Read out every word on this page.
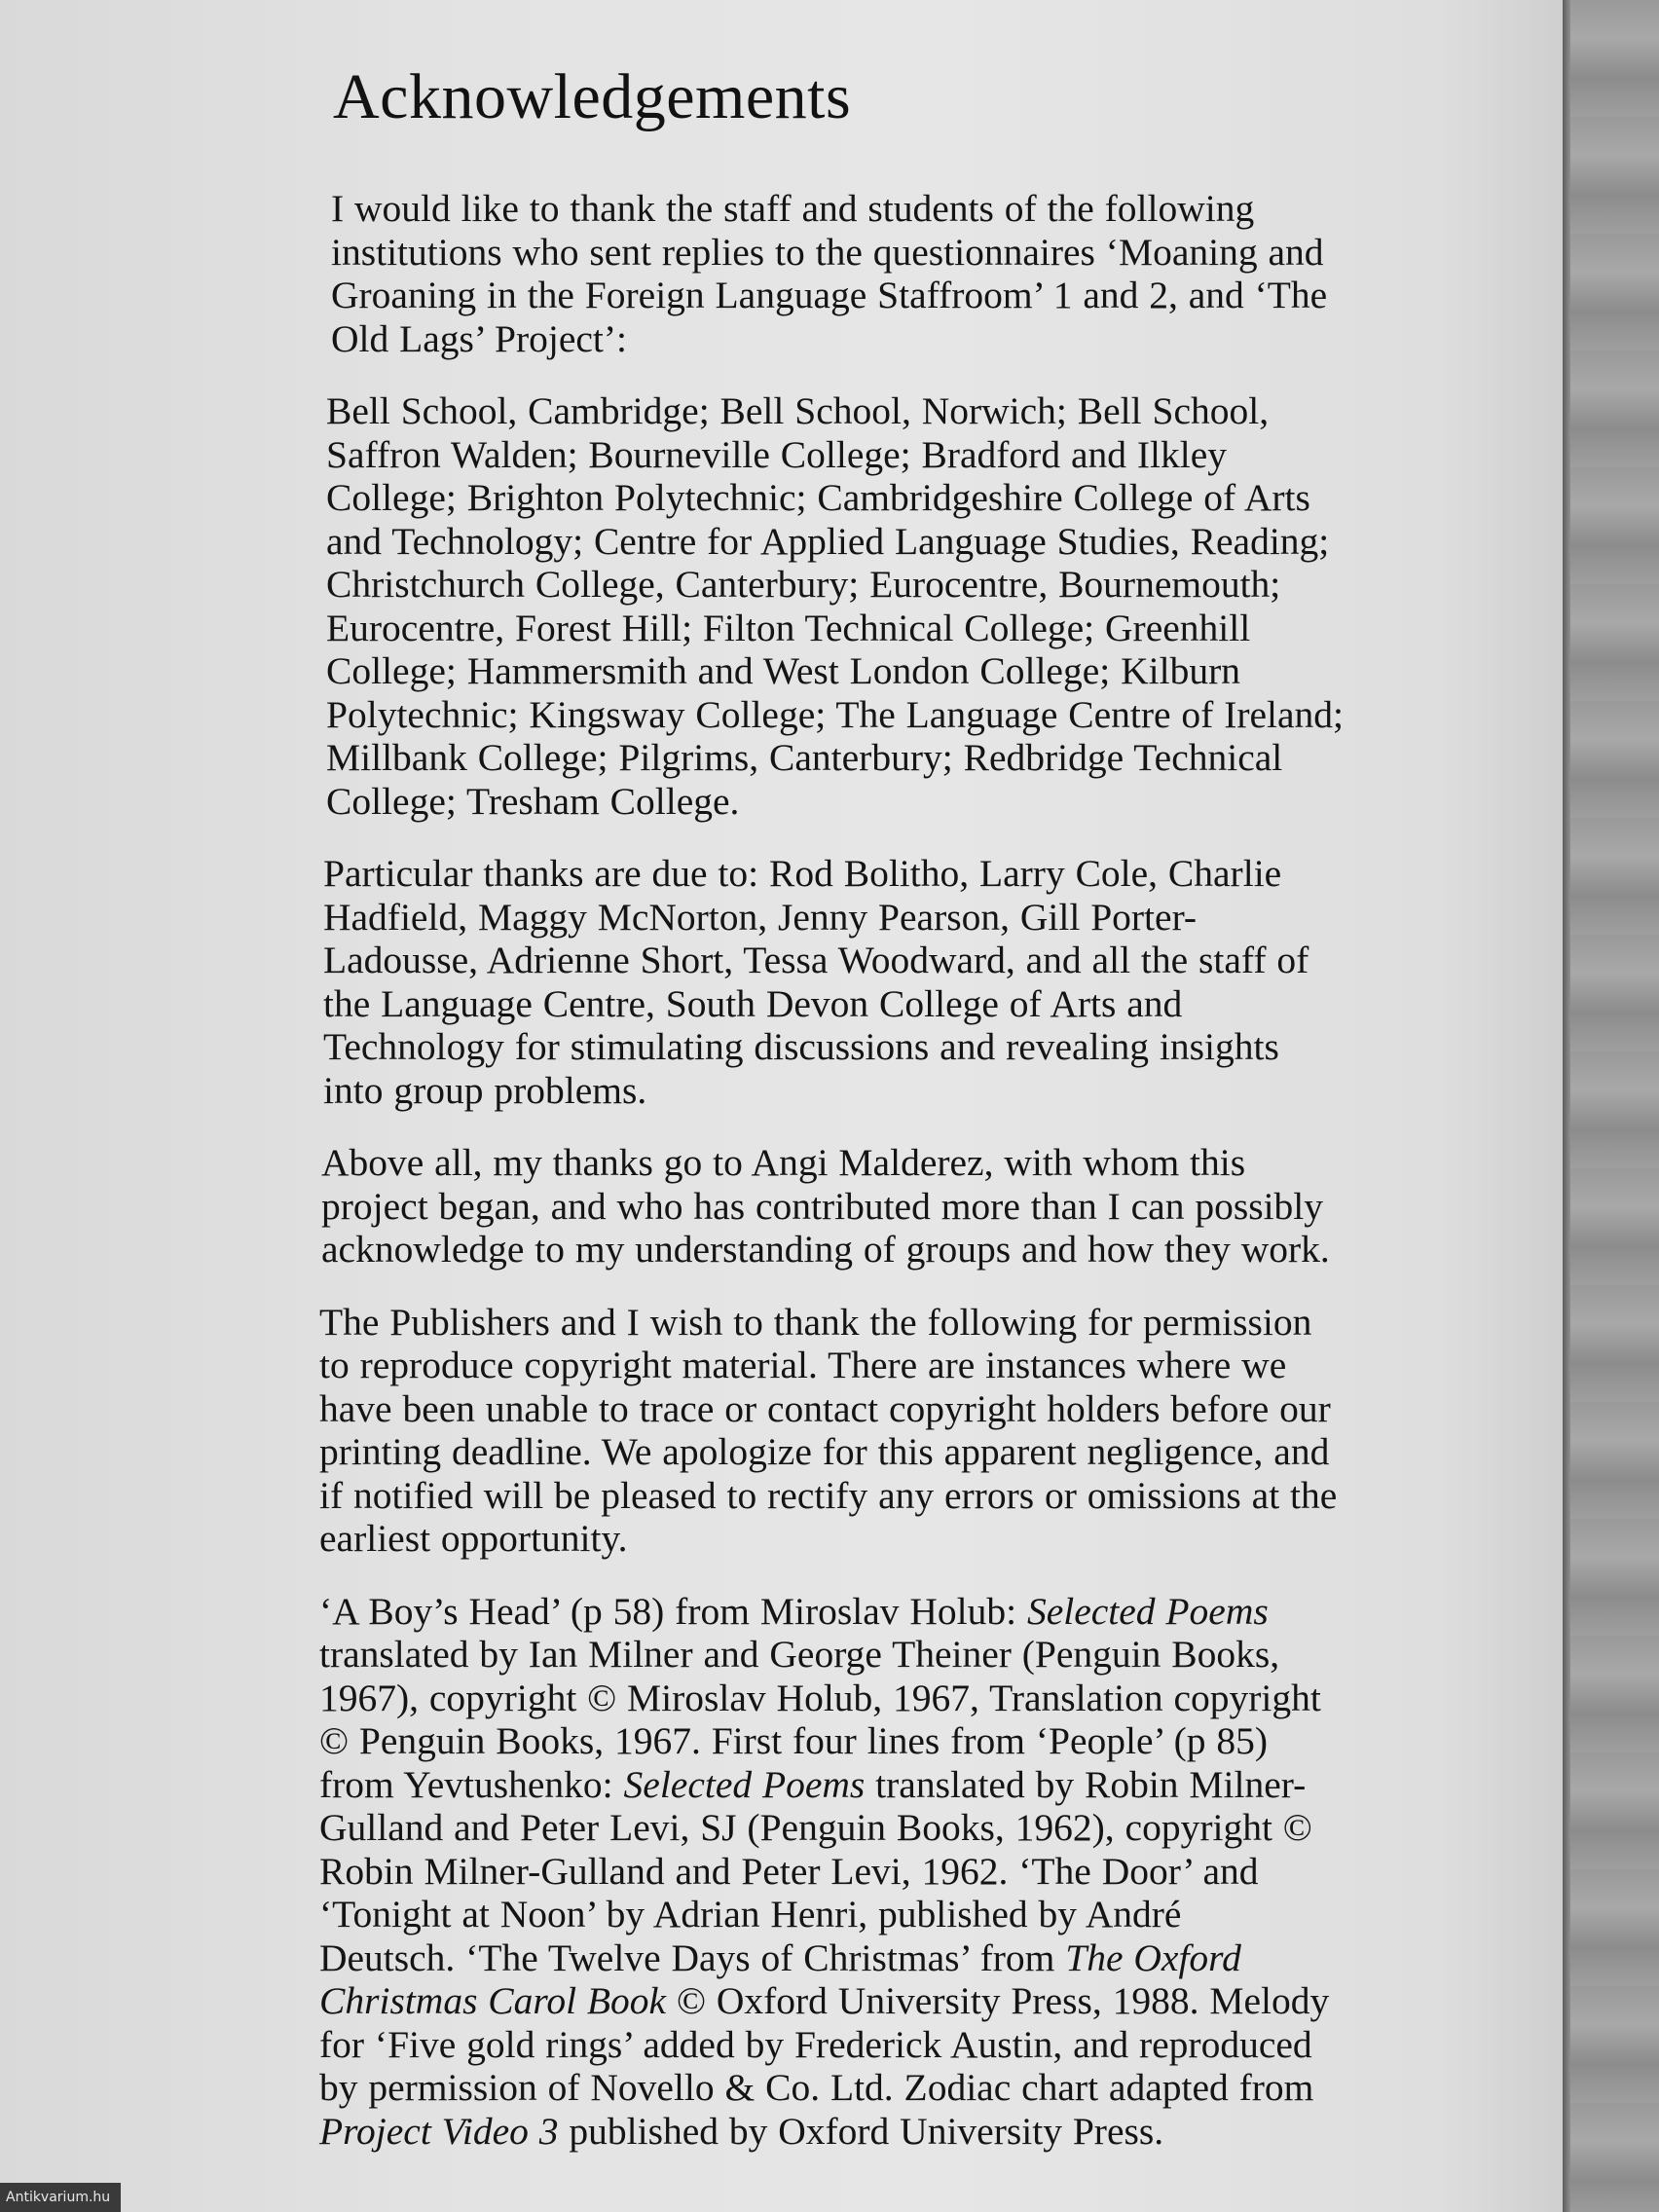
Acknowledgements
I would like to thank the staff and students of the following
institutions who sent replies to the questionnaires ‘Moaning and
Groaning in the Foreign Language Staffroom’ 1 and 2, and ‘The
Old Lags’ Project’:
Bell School, Cambridge; Bell School, Norwich; Bell School,
Saffron Walden; Bourneville College; Bradford and Ilkley
College; Brighton Polytechnic; Cambridgeshire College of Arts
and Technology; Centre for Applied Language Studies, Reading;
Christchurch College, Canterbury; Eurocentre, Bournemouth;
Eurocentre, Forest Hill; Filton Technical College; Greenhill
College; Hammersmith and West London College; Kilburn
Polytechnic; Kingsway College; The Language Centre of Ireland;
Millbank College; Pilgrims, Canterbury; Redbridge Technical
College; Tresham College.
Particular thanks are due to: Rod Bolitho, Larry Cole, Charlie
Hadfield, Maggy McNorton, Jenny Pearson, Gill Porter-
Ladousse, Adrienne Short, Tessa Woodward, and all the staff of
the Language Centre, South Devon College of Arts and
Technology for stimulating discussions and revealing insights
into group problems.
Above all, my thanks go to Angi Malderez, with whom this
project began, and who has contributed more than I can possibly
acknowledge to my understanding of groups and how they work.
The Publishers and I wish to thank the following for permission
to reproduce copyright material. There are instances where we
have been unable to trace or contact copyright holders before our
printing deadline. We apologize for this apparent negligence, and
if notified will be pleased to rectify any errors or omissions at the
earliest opportunity.
‘A Boy’s Head’ (p 58) from Miroslav Holub: Selected Poems
translated by Ian Milner and George Theiner (Penguin Books,
1967), copyright © Miroslav Holub, 1967, Translation copyright
© Penguin Books, 1967. First four lines from ‘People’ (p 85)
from Yevtushenko: Selected Poems translated by Robin Milner-
Gulland and Peter Levi, SJ (Penguin Books, 1962), copyright ©
Robin Milner-Gulland and Peter Levi, 1962. ‘The Door’ and
‘Tonight at Noon’ by Adrian Henri, published by André
Deutsch. ‘The Twelve Days of Christmas’ from The Oxford
Christmas Carol Book © Oxford University Press, 1988. Melody
for ‘Five gold rings’ added by Frederick Austin, and reproduced
by permission of Novello & Co. Ltd. Zodiac chart adapted from
Project Video 3 published by Oxford University Press.
Antikvarium.hu
